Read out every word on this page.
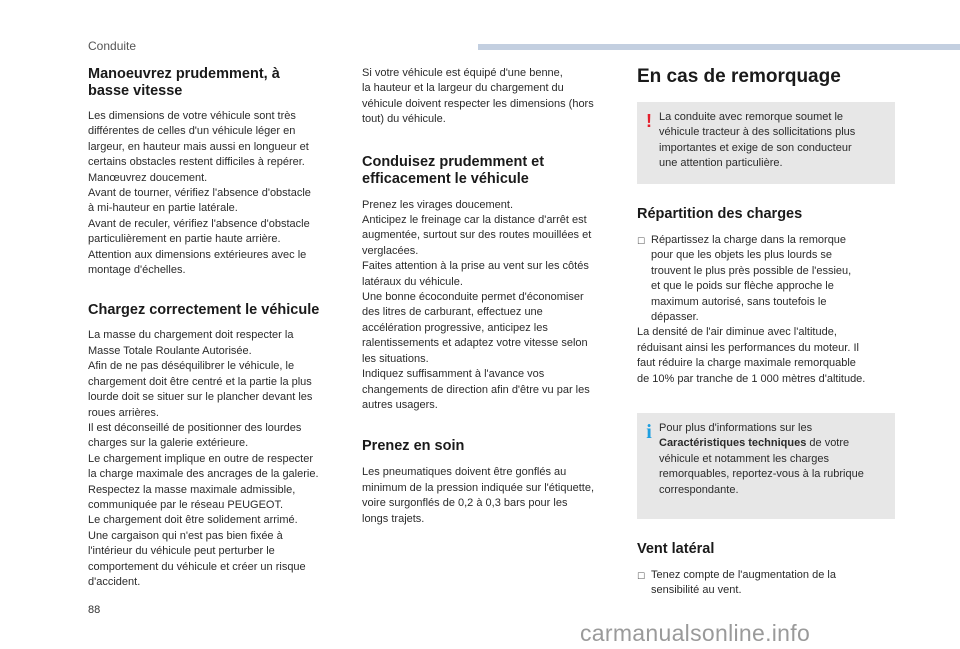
Conduite
Manoeuvrez prudemment, à
basse vitesse

Les dimensions de votre véhicule sont très
différentes de celles d'un véhicule léger en
largeur, en hauteur mais aussi en longueur et
certains obstacles restent difficiles à repérer.
Manœuvrez doucement.
Avant de tourner, vérifiez l'absence d'obstacle
à mi-hauteur en partie latérale.
Avant de reculer, vérifiez l'absence d'obstacle
particulièrement en partie haute arrière.
Attention aux dimensions extérieures avec le
montage d'échelles.

Chargez correctement le véhicule

La masse du chargement doit respecter la
Masse Totale Roulante Autorisée.
Afin de ne pas déséquilibrer le véhicule, le
chargement doit être centré et la partie la plus
lourde doit se situer sur le plancher devant les
roues arrières.
Il est déconseillé de positionner des lourdes
charges sur la galerie extérieure.
Le chargement implique en outre de respecter
la charge maximale des ancrages de la galerie.
Respectez la masse maximale admissible,
communiquée par le réseau PEUGEOT.
Le chargement doit être solidement arrimé.
Une cargaison qui n'est pas bien fixée à
l'intérieur du véhicule peut perturber le
comportement du véhicule et créer un risque
d'accident.

Si votre véhicule est équipé d'une benne,
la hauteur et la largeur du chargement du
véhicule doivent respecter les dimensions (hors
tout) du véhicule.

Conduisez prudemment et
efficacement le véhicule

Prenez les virages doucement.
Anticipez le freinage car la distance d'arrêt est
augmentée, surtout sur des routes mouillées et
verglacées.
Faites attention à la prise au vent sur les côtés
latéraux du véhicule.
Une bonne écoconduite permet d'économiser
des litres de carburant, effectuez une
accélération progressive, anticipez les
ralentissements et adaptez votre vitesse selon
les situations.
Indiquez suffisamment à l'avance vos
changements de direction afin d'être vu par les
autres usagers.

Prenez en soin

Les pneumatiques doivent être gonflés au
minimum de la pression indiquée sur l'étiquette,
voire surgonflés de 0,2 à 0,3 bars pour les
longs trajets.

En cas de remorquage
! La conduite avec remorque soumet le
véhicule tracteur à des sollicitations plus
importantes et exige de son conducteur
une attention particulière.

Répartition des charges
☐ Répartissez la charge dans la remorque
pour que les objets les plus lourds se
trouvent le plus près possible de l'essieu,
et que le poids sur flèche approche le
maximum autorisé, sans toutefois le
dépasser.

La densité de l'air diminue avec l'altitude,
réduisant ainsi les performances du moteur. Il
faut réduire la charge maximale remorquable
de 10% par tranche de 1 000 mètres d'altitude.

i Pour plus d'informations sur les
Caractéristiques techniques de votre
véhicule et notamment les charges
remorquables, reportez-vous à la rubrique
correspondante.

Vent latéral
☐ Tenez compte de l'augmentation de la
sensibilité au vent.

88
carmanualsonline.info
